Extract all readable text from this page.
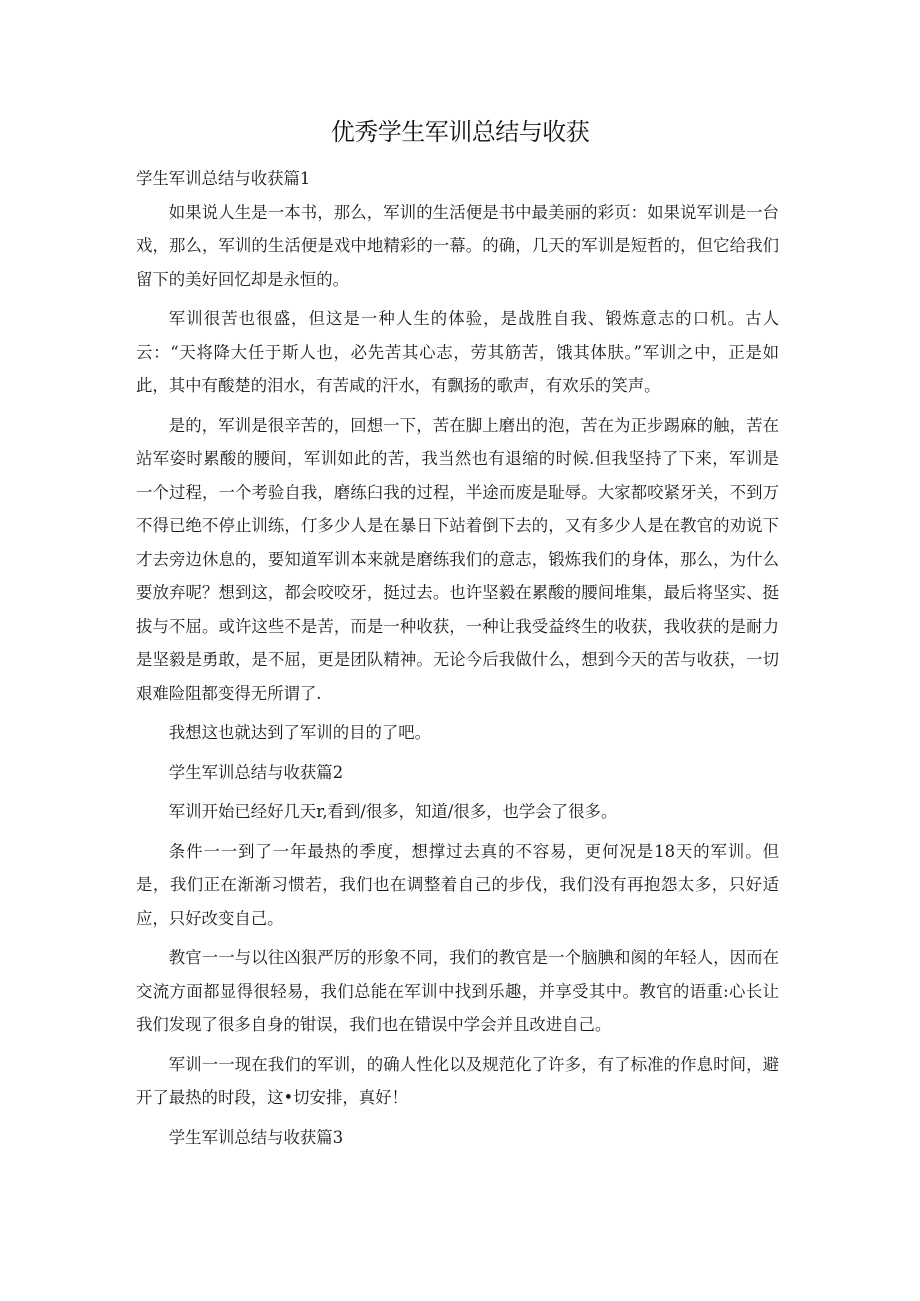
优秀学生军训总结与收获

学生军训总结与收获篇1

如果说人生是一本书，那么，军训的生活便是书中最美丽的彩页：如果说军训是一台戏，那么，军训的生活便是戏中地精彩的一幕。的确，几天的军训是短哲的，但它给我们留下的美好回忆却是永恒的。

军训很苦也很盛，但这是一种人生的体验，是战胜自我、锻炼意志的口机。古人云：“天将降大任于斯人也，必先苦其心志，劳其筋苦，饿其体肤。”军训之中，正是如此，其中有酸楚的泪水，有苦咸的汗水，有飘扬的歌声，有欢乐的笑声。

是的，军训是很辛苦的，回想一下，苦在脚上磨出的泡，苦在为正步踢麻的触，苦在站军姿时累酸的腰间，军训如此的苦，我当然也有退缩的时候.但我坚持了下来，军训是一个过程，一个考验自我，磨练臼我的过程，半途而废是耻辱。大家都咬紧牙关，不到万不得已绝不停止训练，仃多少人是在暴日下站着倒下去的，又有多少人是在教官的劝说下才去旁边休息的，要知道军训本来就是磨练我们的意志，锻炼我们的身体，那么，为什么要放弃呢？想到这，都会咬咬牙，挺过去。也许坚毅在累酸的腰间堆集，最后将坚实、挺拔与不屈。或许这些不是苦，而是一种收获，一种让我受益终生的收获，我收获的是耐力是坚毅是勇敢，是不屈，更是团队精神。无论今后我做什么，想到今天的苦与收获，一切艰难险阻都变得无所谓了.

我想这也就达到了军训的目的了吧。

学生军训总结与收获篇2

军训开始已经好几天r,看到/很多，知道/很多，也学会了很多。

条件一一到了一年最热的季度，想撑过去真的不容易，更何况是18天的军训。但是，我们正在渐渐习惯若，我们也在调整着自己的步伐，我们没有再抱怨太多，只好适应，只好改变自己。

教官一一与以往凶狠严厉的形象不同，我们的教官是一个脑腆和阂的年轻人，因而在交流方面都显得很轻易，我们总能在军训中找到乐趣，并享受其中。教官的语重:心长让我们发现了很多自身的钳误，我们也在错误中学会并且改进自己。

军训一一现在我们的军训，的确人性化以及规范化了许多，有了标准的作息时间，避开了最热的时段，这•切安排，真好！

学生军训总结与收获篇3
